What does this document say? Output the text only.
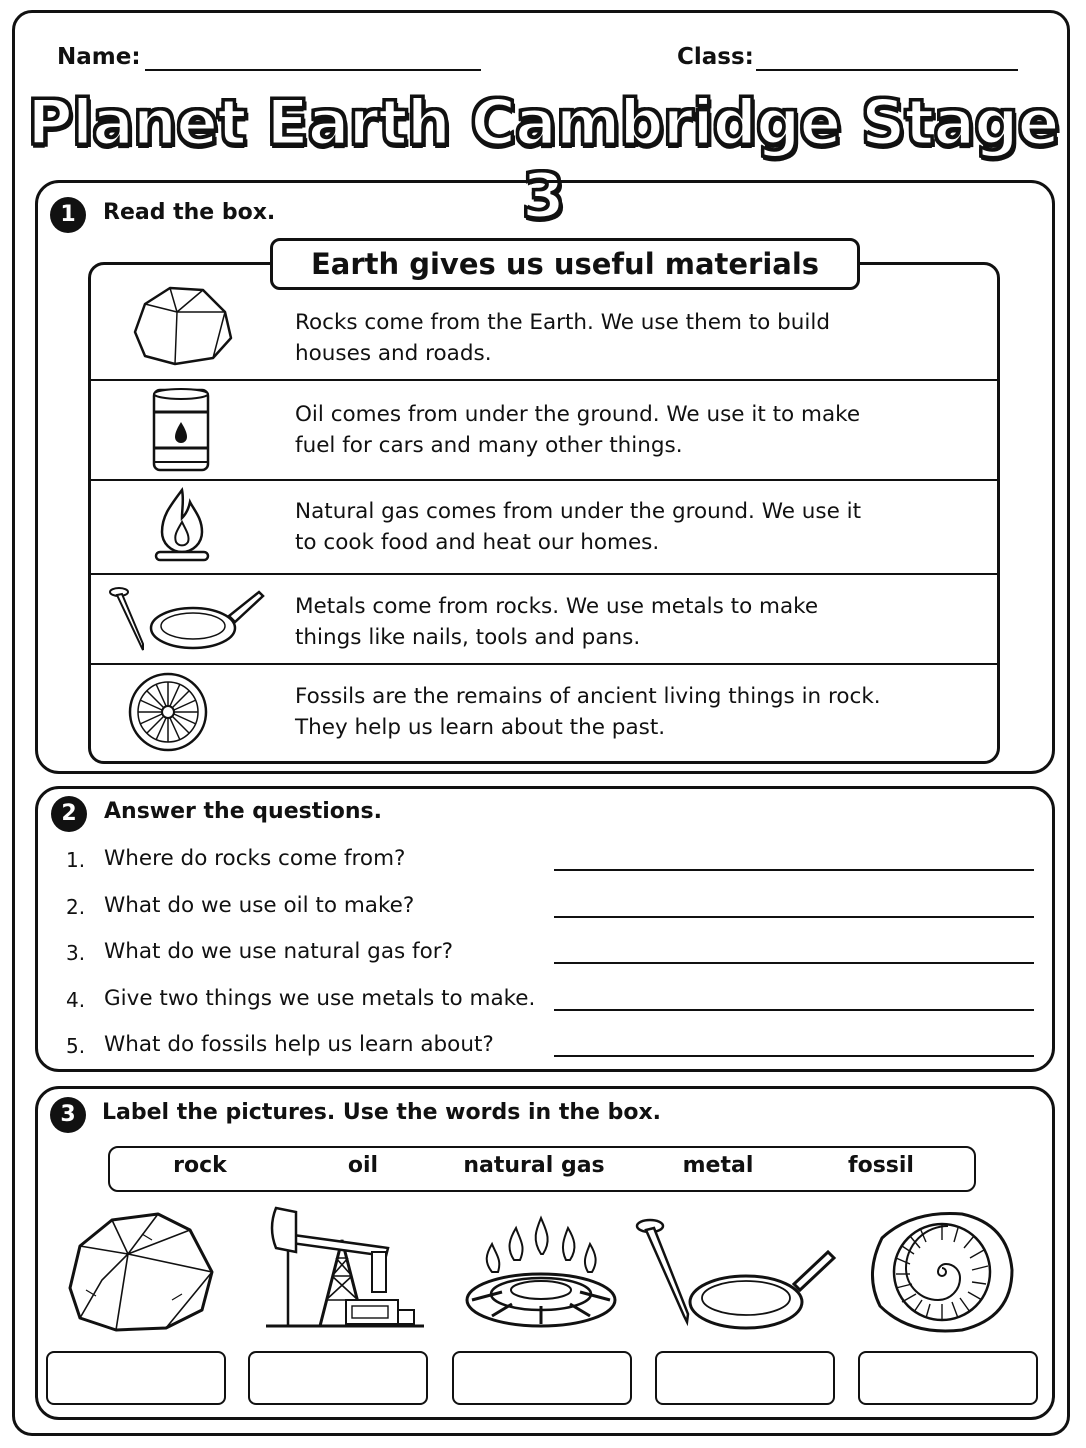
Name:	Class:
Planet Earth Cambridge Stage 3
1	Read the box.
Earth gives us useful materials
Rocks come from the Earth. We use them to build
houses and roads.
Oil comes from under the ground. We use it to make
fuel for cars and many other things.
Natural gas comes from under the ground. We use it
to cook food and heat our homes.
Metals come from rocks. We use metals to make
things like nails, tools and pans.
Fossils are the remains of ancient living things in rock.
They help us learn about the past.
2	Answer the questions.
1. Where do rocks come from?
2. What do we use oil to make?
3. What do we use natural gas for?
4. Give two things we use metals to make.
5. What do fossils help us learn about?
3	Label the pictures. Use the words in the box.
rock	oil	natural gas	metal	fossil
